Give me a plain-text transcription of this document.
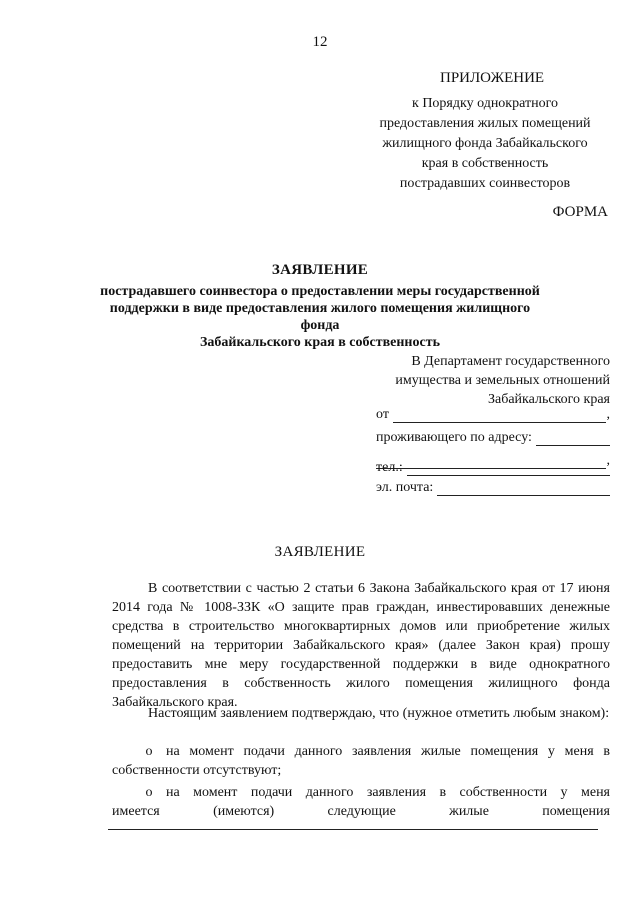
12
ПРИЛОЖЕНИЕ
к Порядку однократного
предоставления жилых помещений
жилищного фонда Забайкальского
края в собственность
пострадавших соинвесторов
ФОРМА
ЗАЯВЛЕНИЕ
пострадавшего соинвестора о предоставлении меры государственной
поддержки в виде предоставления жилого помещения жилищного фонда
Забайкальского края в собственность
В Департамент государственного
имущества и земельных отношений
Забайкальского края
от	,
проживающего по адресу:
,
тел.:
эл. почта:
ЗАЯВЛЕНИЕ
В соответствии с частью 2 статьи 6 Закона Забайкальского края от 17 июня 2014 года № 1008-ЗЗК «О защите прав граждан, инвестировавших денежные средства в строительство многоквартирных домов или приобретение жилых помещений на территории Забайкальского края» (далее Закон края) прошу предоставить мне меру государственной поддержки в виде однократного предоставления в собственность жилого помещения жилищного фонда Забайкальского края.
Настоящим заявлением подтверждаю, что (нужное отметить любым знаком):
o на момент подачи данного заявления жилые помещения у меня в
собственности отсутствуют;
o на момент подачи данного заявления в собственности у меня
имеется	(имеются)	следующие	жилые	помещения
